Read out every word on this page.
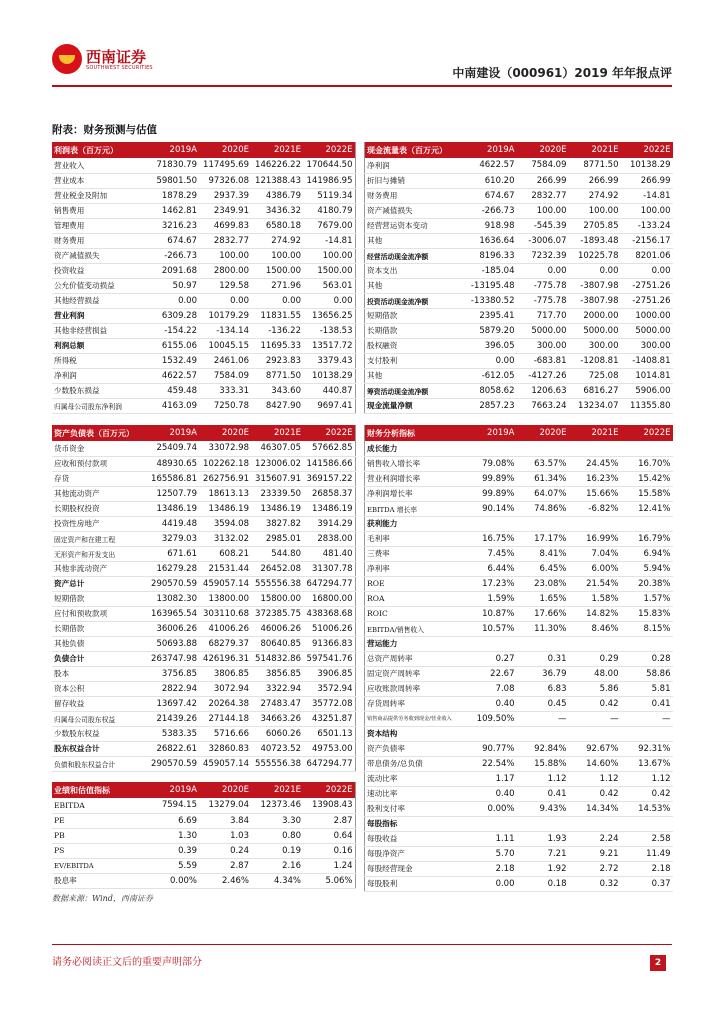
西南证券
SOUTHWEST SECURITIES	中南建设（000961）2019 年年报点评
附表：财务预测与估值
利润表（百万元）	2019A	2020E	2021E	2022E
营业收入	71830.79	117495.69	146226.22	170644.50
营业成本	59801.50	97326.08	121388.43	141986.95
营业税金及附加	1878.29	2937.39	4386.79	5119.34
销售费用	1462.81	2349.91	3436.32	4180.79
管理费用	3216.23	4699.83	6580.18	7679.00
财务费用	674.67	2832.77	274.92	-14.81
资产减值损失	-266.73	100.00	100.00	100.00
投资收益	2091.68	2800.00	1500.00	1500.00
公允价值变动损益	50.97	129.58	271.96	563.01
其他经营损益	0.00	0.00	0.00	0.00
营业利润	6309.28	10179.29	11831.55	13656.25
其他非经营损益	-154.22	-134.14	-136.22	-138.53
利润总额	6155.06	10045.15	11695.33	13517.72
所得税	1532.49	2461.06	2923.83	3379.43
净利润	4622.57	7584.09	8771.50	10138.29
少数股东损益	459.48	333.31	343.60	440.87
归属母公司股东净利润	4163.09	7250.78	8427.90	9697.41
现金流量表（百万元）	2019A	2020E	2021E	2022E
净利润	4622.57	7584.09	8771.50	10138.29
折旧与摊销	610.20	266.99	266.99	266.99
财务费用	674.67	2832.77	274.92	-14.81
资产减值损失	-266.73	100.00	100.00	100.00
经营营运资本变动	918.98	-545.39	2705.85	-133.24
其他	1636.64	-3006.07	-1893.48	-2156.17
经营活动现金流净额	8196.33	7232.39	10225.78	8201.06
资本支出	-185.04	0.00	0.00	0.00
其他	-13195.48	-775.78	-3807.98	-2751.26
投资活动现金流净额	-13380.52	-775.78	-3807.98	-2751.26
短期借款	2395.41	717.70	2000.00	1000.00
长期借款	5879.20	5000.00	5000.00	5000.00
股权融资	396.05	300.00	300.00	300.00
支付股利	0.00	-683.81	-1208.81	-1408.81
其他	-612.05	-4127.26	725.08	1014.81
筹资活动现金流净额	8058.62	1206.63	6816.27	5906.00
现金流量净额	2857.23	7663.24	13234.07	11355.80
资产负债表（百万元）	2019A	2020E	2021E	2022E
货币资金	25409.74	33072.98	46307.05	57662.85
应收和预付款项	48930.65	102262.18	123006.02	141586.66
存货	165586.81	262756.91	315607.91	369157.22
其他流动资产	12507.79	18613.13	23339.50	26858.37
长期股权投资	13486.19	13486.19	13486.19	13486.19
投资性房地产	4419.48	3594.08	3827.82	3914.29
固定资产和在建工程	3279.03	3132.02	2985.01	2838.00
无形资产和开发支出	671.61	608.21	544.80	481.40
其他非流动资产	16279.28	21531.44	26452.08	31307.78
资产总计	290570.59	459057.14	555556.38	647294.77
短期借款	13082.30	13800.00	15800.00	16800.00
应付和预收款项	163965.54	303110.68	372385.75	438368.68
长期借款	36006.26	41006.26	46006.26	51006.26
其他负债	50693.88	68279.37	80640.85	91366.83
负债合计	263747.98	426196.31	514832.86	597541.76
股本	3756.85	3806.85	3856.85	3906.85
资本公积	2822.94	3072.94	3322.94	3572.94
留存收益	13697.42	20264.38	27483.47	35772.08
归属母公司股东权益	21439.26	27144.18	34663.26	43251.87
少数股东权益	5383.35	5716.66	6060.26	6501.13
股东权益合计	26822.61	32860.83	40723.52	49753.00
负债和股东权益合计	290570.59	459057.14	555556.38	647294.77
财务分析指标	2019A	2020E	2021E	2022E
成长能力				
销售收入增长率	79.08%	63.57%	24.45%	16.70%
营业利润增长率	99.89%	61.34%	16.23%	15.42%
净利润增长率	99.89%	64.07%	15.66%	15.58%
EBITDA 增长率	90.14%	74.86%	-6.82%	12.41%
获利能力				
毛利率	16.75%	17.17%	16.99%	16.79%
三费率	7.45%	8.41%	7.04%	6.94%
净利率	6.44%	6.45%	6.00%	5.94%
ROE	17.23%	23.08%	21.54%	20.38%
ROA	1.59%	1.65%	1.58%	1.57%
ROIC	10.87%	17.66%	14.82%	15.83%
EBITDA/销售收入	10.57%	11.30%	8.46%	8.15%
营运能力				
总资产周转率	0.27	0.31	0.29	0.28
固定资产周转率	22.67	36.79	48.00	58.86
应收账款周转率	7.08	6.83	5.86	5.81
存货周转率	0.40	0.45	0.42	0.41
销售商品提供劳务收到现金/营业收入	109.50%	—	—	—
资本结构				
资产负债率	90.77%	92.84%	92.67%	92.31%
带息债务/总负债	22.54%	15.88%	14.60%	13.67%
流动比率	1.17	1.12	1.12	1.12
速动比率	0.40	0.41	0.42	0.42
股利支付率	0.00%	9.43%	14.34%	14.53%
每股指标				
每股收益	1.11	1.93	2.24	2.58
每股净资产	5.70	7.21	9.21	11.49
每股经营现金	2.18	1.92	2.72	2.18
每股股利	0.00	0.18	0.32	0.37
业绩和估值指标	2019A	2020E	2021E	2022E
EBITDA	7594.15	13279.04	12373.46	13908.43
PE	6.69	3.84	3.30	2.87
PB	1.30	1.03	0.80	0.64
PS	0.39	0.24	0.19	0.16
EV/EBITDA	5.59	2.87	2.16	1.24
股息率	0.00%	2.46%	4.34%	5.06%
数据来源：Wind，西南证券
请务必阅读正文后的重要声明部分	2
